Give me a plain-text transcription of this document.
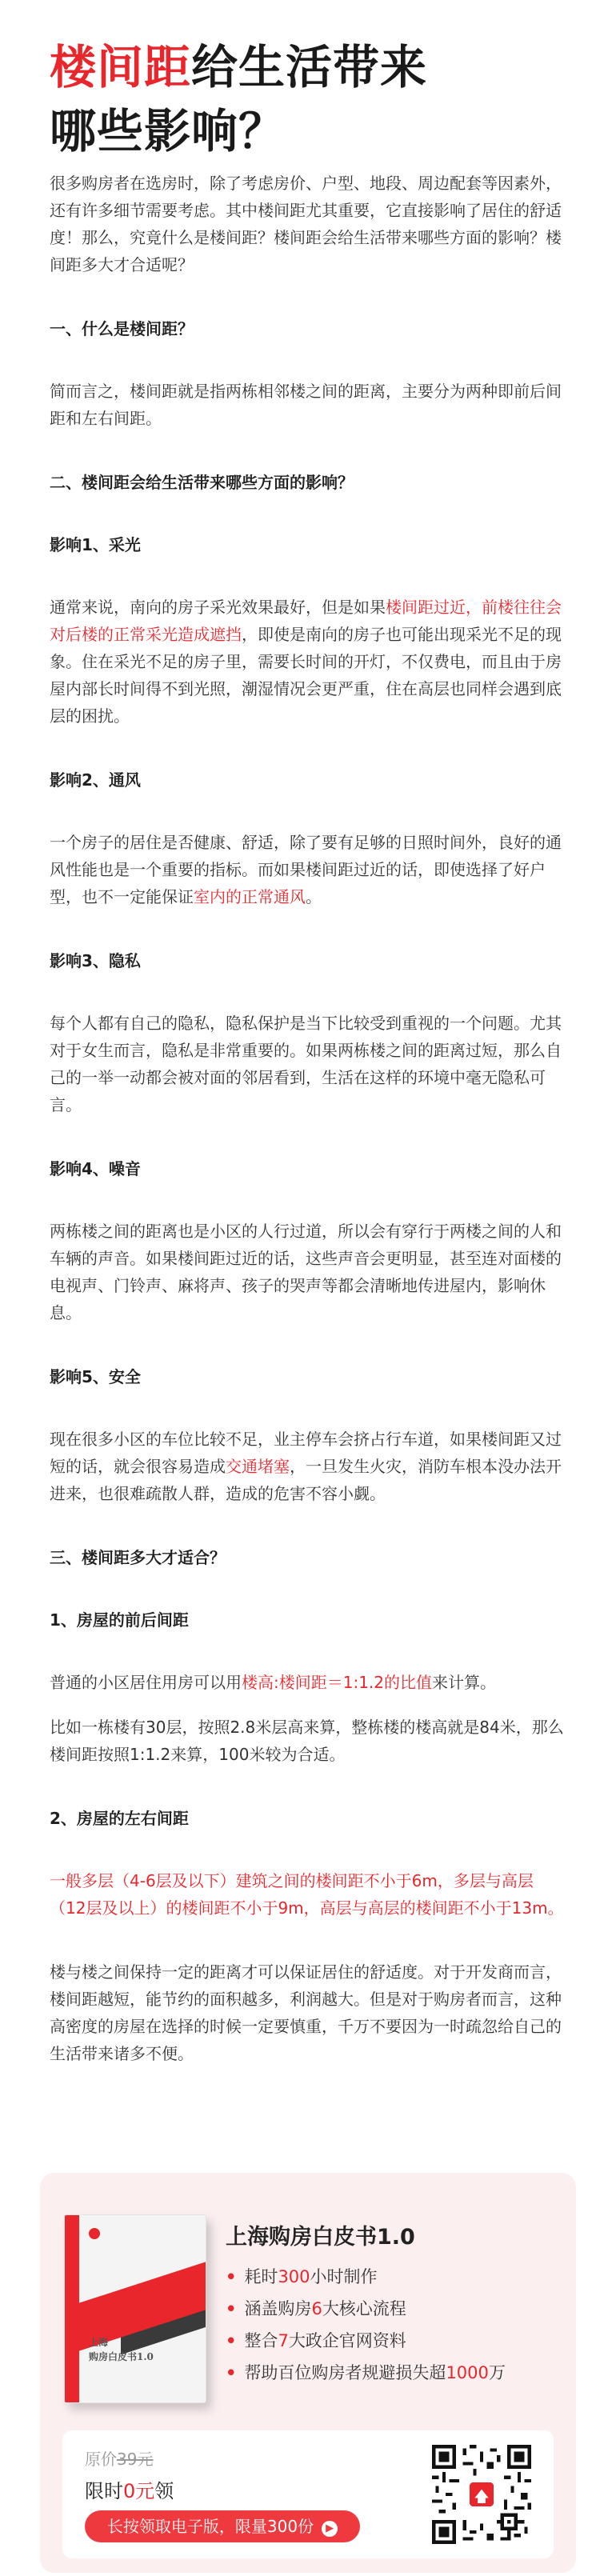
楼间距给生活带来
哪些影响？

很多购房者在选房时，除了考虑房价、户型、地段、周边配套等因素外，还有许多细节需要考虑。其中楼间距尤其重要，它直接影响了居住的舒适度！那么，究竟什么是楼间距？楼间距会给生活带来哪些方面的影响？楼间距多大才合适呢？

一、什么是楼间距？

简而言之，楼间距就是指两栋相邻楼之间的距离，主要分为两种即前后间距和左右间距。

二、楼间距会给生活带来哪些方面的影响？

影响1、采光

通常来说，南向的房子采光效果最好，但是如果楼间距过近，前楼往往会对后楼的正常采光造成遮挡，即使是南向的房子也可能出现采光不足的现象。住在采光不足的房子里，需要长时间的开灯，不仅费电，而且由于房屋内部长时间得不到光照，潮湿情况会更严重，住在高层也同样会遇到底层的困扰。

影响2、通风

一个房子的居住是否健康、舒适，除了要有足够的日照时间外，良好的通风性能也是一个重要的指标。而如果楼间距过近的话，即使选择了好户型，也不一定能保证室内的正常通风。

影响3、隐私

每个人都有自己的隐私，隐私保护是当下比较受到重视的一个问题。尤其对于女生而言，隐私是非常重要的。如果两栋楼之间的距离过短，那么自己的一举一动都会被对面的邻居看到，生活在这样的环境中毫无隐私可言。

影响4、噪音

两栋楼之间的距离也是小区的人行过道，所以会有穿行于两楼之间的人和车辆的声音。如果楼间距过近的话，这些声音会更明显，甚至连对面楼的电视声、门铃声、麻将声、孩子的哭声等都会清晰地传进屋内，影响休息。

影响5、安全

现在很多小区的车位比较不足，业主停车会挤占行车道，如果楼间距又过短的话，就会很容易造成交通堵塞，一旦发生火灾，消防车根本没办法开进来，也很难疏散人群，造成的危害不容小觑。

三、楼间距多大才适合？

1、房屋的前后间距

普通的小区居住用房可以用楼高:楼间距＝1:1.2的比值来计算。

比如一栋楼有30层，按照2.8米层高来算，整栋楼的楼高就是84米，那么楼间距按照1:1.2来算，100米较为合适。

2、房屋的左右间距

一般多层（4-6层及以下）建筑之间的楼间距不小于6m，多层与高层（12层及以上）的楼间距不小于9m，高层与高层的楼间距不小于13m。

楼与楼之间保持一定的距离才可以保证居住的舒适度。对于开发商而言，楼间距越短，能节约的面积越多，利润越大。但是对于购房者而言，这种高密度的房屋在选择的时候一定要慎重，千万不要因为一时疏忽给自己的生活带来诸多不便。

上海
购房白皮书1.0
上海购房白皮书1.0
• 耗时300小时制作
• 涵盖购房6大核心流程
• 整合7大政企官网资料
• 帮助百位购房者规避损失超1000万
原价39元
限时0元领
长按领取电子版，限量300份 ▶
